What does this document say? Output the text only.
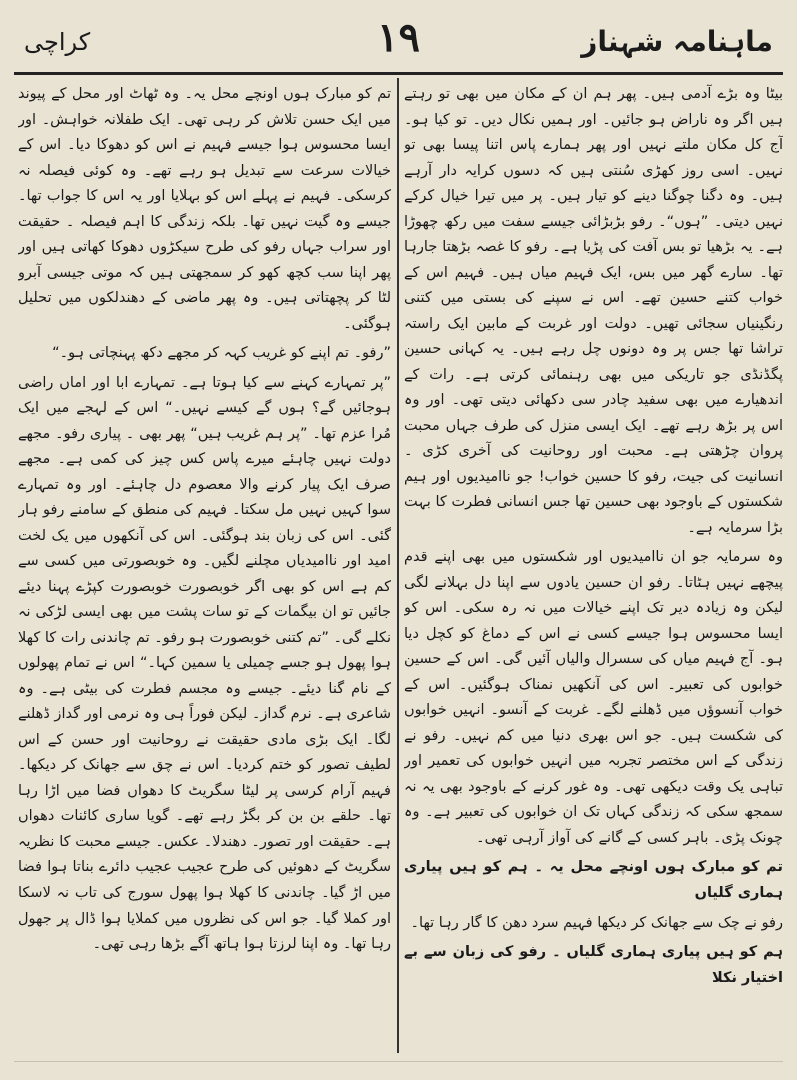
کراچی	١٩	ماہنامہ شہناز

بیٹا وہ بڑے آدمی ہیں۔ پھر ہم ان کے مکان میں بھی تو رہتے ہیں اگر وہ ناراض ہو جائیں۔ اور ہمیں نکال دیں۔ تو کیا ہو۔ آج کل مکان ملتے نہیں اور پھر ہمارے پاس اتنا پیسا بھی تو نہیں۔ اسی روز کھڑی سُنتی ہیں کہ دسوں کرایہ دار آرہے ہیں۔ وہ دگنا چوگنا دینے کو تیار ہیں۔ پر میں تیرا خیال کرکے نہیں دیتی۔ ”ہوں“۔ رفو بڑبڑائی جیسے سفت میں رکھ چھوڑا ہے۔ یہ بڑھیا تو بس آفت کی پڑیا ہے۔ رفو کا غصہ بڑھتا جارہا تھا۔ سارے گھر میں بس، ایک فہیم میاں ہیں۔ فہیم اس کے خواب کتنے حسین تھے۔ اس نے سپنے کی بستی میں کتنی رنگینیاں سجائی تھیں۔ دولت اور غربت کے مابین ایک راستہ تراشا تھا جس پر وہ دونوں چل رہے ہیں۔ یہ کہانی حسین پگڈنڈی جو تاریکی میں بھی رہنمائی کرتی ہے۔ رات کے اندھیارے میں بھی سفید چادر سی دکھائی دیتی تھی۔ اور وہ اس پر بڑھ رہے تھے۔ ایک ایسی منزل کی طرف جہاں محبت پروان چڑھتی ہے۔ محبت اور روحانیت کی آخری کڑی ۔ انسانیت کی جیت، رفو کا حسین خواب! جو ناامیدیوں اور ہیم شکستوں کے باوجود بھی حسین تھا جس انسانی فطرت کا بہت بڑا سرمایہ ہے۔

وہ سرمایہ جو ان ناامیدیوں اور شکستوں میں بھی اپنے قدم پیچھے نہیں ہٹاتا۔ رفو ان حسین یادوں سے اپنا دل بہلانے لگی لیکن وہ زیادہ دیر تک اپنے خیالات میں نہ رہ سکی۔ اس کو ایسا محسوس ہوا جیسے کسی نے اس کے دماغ کو کچل دیا ہو۔ آج فہیم میاں کی سسرال والیاں آئیں گی۔ اس کے حسین خوابوں کی تعبیر۔ اس کی آنکھیں نمناک ہوگئیں۔ اس کے خواب آنسوؤں میں ڈھلنے لگے۔ غربت کے آنسو۔ انہیں خوابوں کی شکست ہیں۔ جو اس بھری دنیا میں کم نہیں۔ رفو نے زندگی کے اس مختصر تجربہ میں انہیں خوابوں کی تعمیر اور تباہی یک وقت دیکھی تھی۔ وہ غور کرنے کے باوجود بھی یہ نہ سمجھ سکی کہ زندگی کہاں تک ان خوابوں کی تعبیر ہے۔ وہ چونک پڑی۔ باہر کسی کے گانے کی آواز آرہی تھی۔

تم کو مبارک ہوں اونچے محل یہ ۔ ہم کو ہیں پیاری ہماری گلیاں

رفو نے چک سے جھانک کر دیکھا فہیم سرد دھن کا گار رہا تھا۔

ہم کو ہیں پیاری ہماری گلیاں ۔ رفو کی زبان سے بے اختیار نکلا

تم کو مبارک ہوں اونچے محل یہ۔ وہ ٹھاٹ اور محل کے پیوند میں ایک حسن تلاش کر رہی تھی۔ ایک طفلانہ خواہش۔ اور ایسا محسوس ہوا جیسے فہیم نے اس کو دھوکا دیا۔ اس کے خیالات سرعت سے تبدیل ہو رہے تھے۔ وہ کوئی فیصلہ نہ کرسکی۔ فہیم نے پہلے اس کو بہلایا اور یہ اس کا جواب تھا۔ جیسے وہ گیت نہیں تھا۔ بلکہ زندگی کا اہم فیصلہ ۔ حقیقت اور سراب جہاں رفو کی طرح سیکڑوں دھوکا کھاتی ہیں اور پھر اپنا سب کچھ کھو کر سمجھتی ہیں کہ موتی جیسی آبرو لٹا کر پچھتاتی ہیں۔ وہ پھر ماضی کے دھندلکوں میں تحلیل ہوگئی۔

”رفو۔ تم اپنے کو غریب کہہ کر مجھے دکھ پہنچاتی ہو۔“

”پر تمہارے کہنے سے کیا ہوتا ہے۔ تمہارے ابا اور اماں راضی ہوجائیں گے؟ ہوں گے کیسے نہیں۔“ اس کے لہجے میں ایک مُرا عزم تھا۔ ”پر ہم غریب ہیں“ پھر بھی ۔ پیاری رفو۔ مجھے دولت نہیں چاہئے میرے پاس کس چیز کی کمی ہے۔ مجھے صرف ایک پیار کرنے والا معصوم دل چاہئے۔ اور وہ تمہارے سوا کہیں نہیں مل سکتا۔ فہیم کی منطق کے سامنے رفو ہار گئی۔ اس کی زبان بند ہوگئی۔ اس کی آنکھوں میں یک لخت امید اور ناامیدیاں مچلنے لگیں۔ وہ خوبصورتی میں کسی سے کم ہے اس کو بھی اگر خوبصورت خوبصورت کپڑے پہنا دیئے جائیں تو ان بیگمات کے تو سات پشت میں بھی ایسی لڑکی نہ نکلے گی۔ ”تم کتنی خوبصورت ہو رفو۔ تم چاندنی رات کا کھلا ہوا پھول ہو جسے چمیلی یا سمین کہا۔“ اس نے تمام پھولوں کے نام گنا دیئے۔ جیسے وہ مجسم فطرت کی بیٹی ہے۔ وہ شاعری ہے۔ نرم گداز۔ لیکن فوراً ہی وہ نرمی اور گداز ڈھلنے لگا۔ ایک بڑی مادی حقیقت نے روحانیت اور حسن کے اس لطیف تصور کو ختم کردیا۔ اس نے چق سے جھانک کر دیکھا۔ فہیم آرام کرسی پر لیٹا سگریٹ کا دھواں فضا میں اڑا رہا تھا۔ حلقے بن بن کر بگڑ رہے تھے۔ گویا ساری کائنات دھواں ہے۔ حقیقت اور تصور۔ دھندلا۔ عکس۔ جیسے محبت کا نظریہ سگریٹ کے دھوئیں کی طرح عجیب عجیب دائرے بناتا ہوا فضا میں اڑ گیا۔ چاندنی کا کھلا ہوا پھول سورج کی تاب نہ لاسکا اور کملا گیا۔ جو اس کی نظروں میں کملایا ہوا ڈال پر جھول رہا تھا۔ وہ اپنا لرزتا ہوا ہاتھ آگے بڑھا رہی تھی۔
